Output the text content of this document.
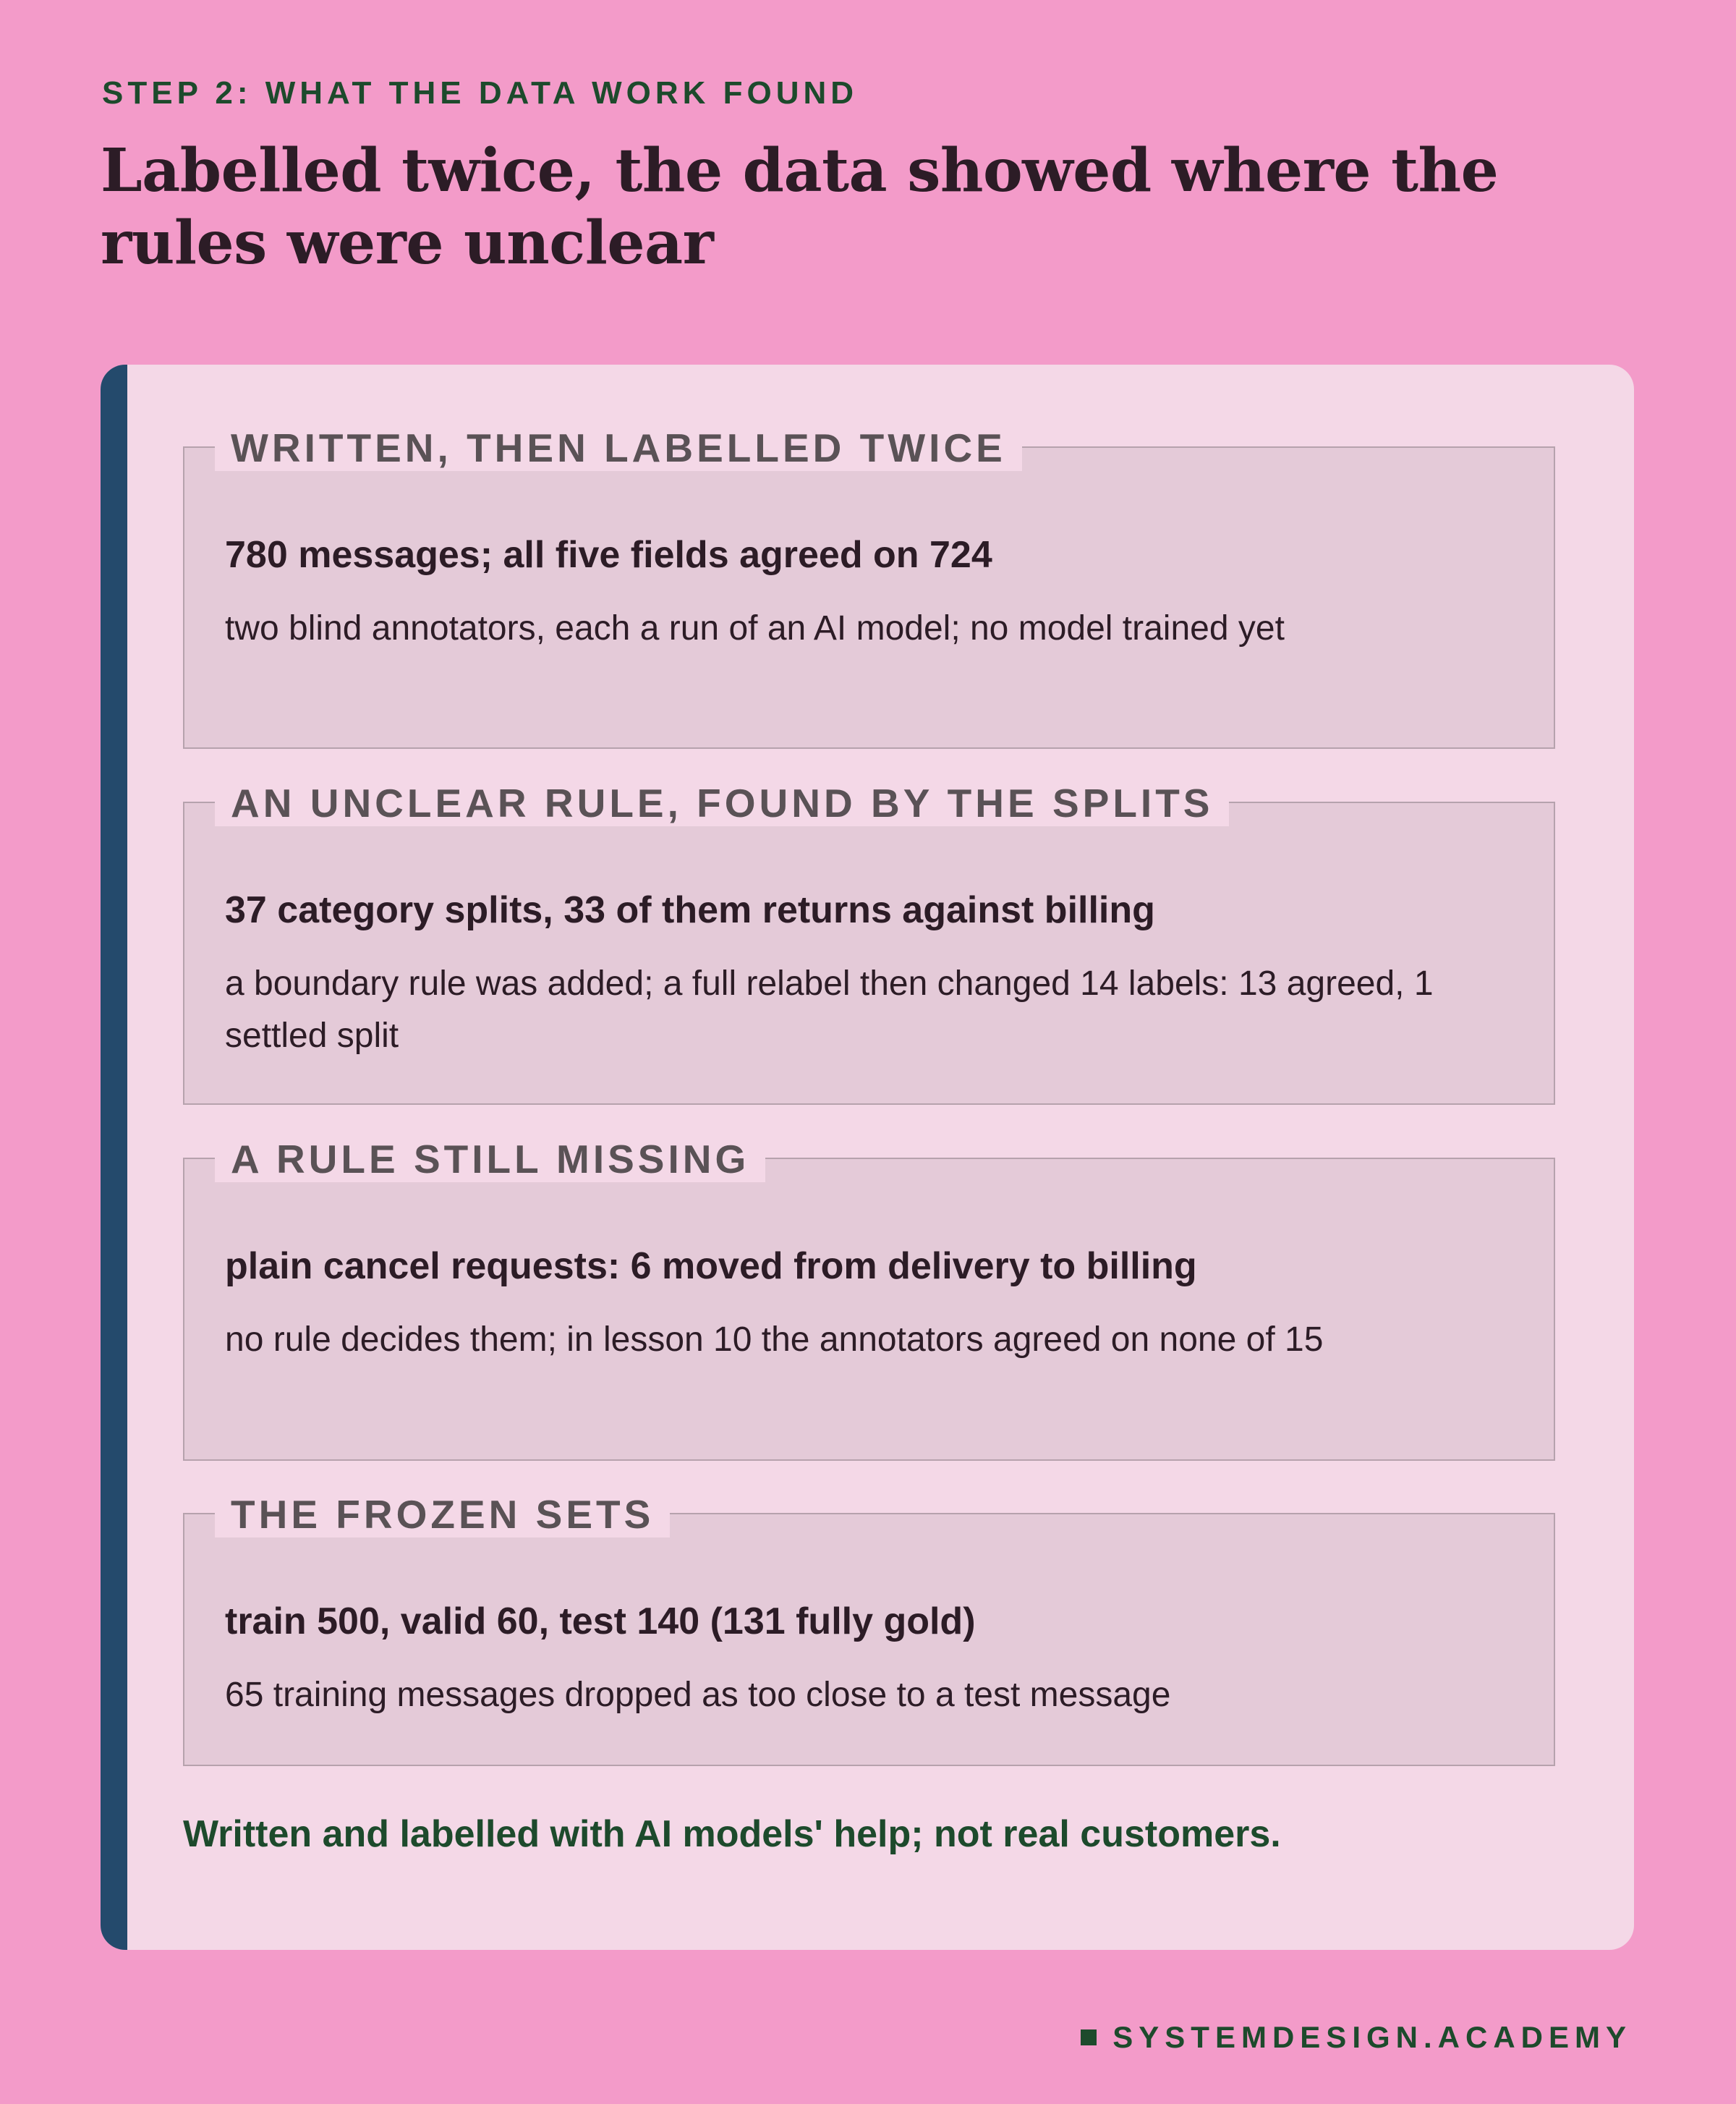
STEP 2: WHAT THE DATA WORK FOUND
Labelled twice, the data showed where the rules were unclear
WRITTEN, THEN LABELLED TWICE
780 messages; all five fields agreed on 724
two blind annotators, each a run of an AI model; no model trained yet
AN UNCLEAR RULE, FOUND BY THE SPLITS
37 category splits, 33 of them returns against billing
a boundary rule was added; a full relabel then changed 14 labels: 13 agreed, 1 settled split
A RULE STILL MISSING
plain cancel requests: 6 moved from delivery to billing
no rule decides them; in lesson 10 the annotators agreed on none of 15
THE FROZEN SETS
train 500, valid 60, test 140 (131 fully gold)
65 training messages dropped as too close to a test message
Written and labelled with AI models' help; not real customers.
SYSTEMDESIGN.ACADEMY
